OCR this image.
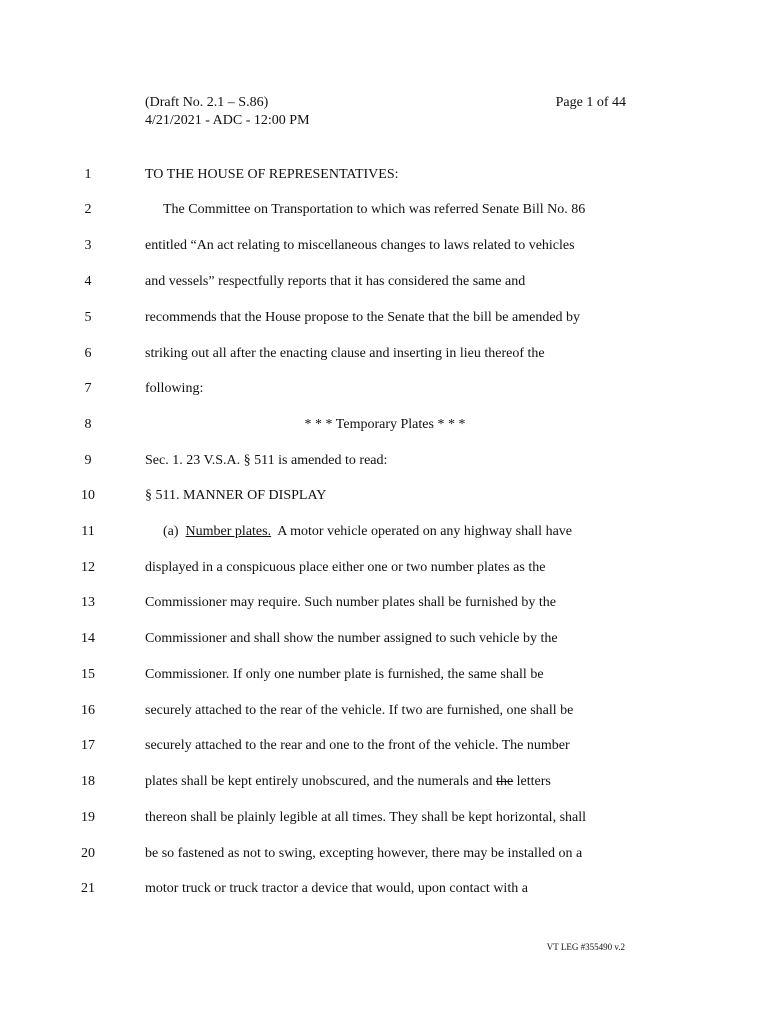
(Draft No. 2.1 – S.86)
4/21/2021 - ADC - 12:00 PM
Page 1 of 44
1	TO THE HOUSE OF REPRESENTATIVES:
2	The Committee on Transportation to which was referred Senate Bill No. 86
3	entitled “An act relating to miscellaneous changes to laws related to vehicles
4	and vessels” respectfully reports that it has considered the same and
5	recommends that the House propose to the Senate that the bill be amended by
6	striking out all after the enacting clause and inserting in lieu thereof the
7	following:
8	* * * Temporary Plates * * *
9	Sec. 1. 23 V.S.A. § 511 is amended to read:
10	§ 511. MANNER OF DISPLAY
11	(a)  Number plates.  A motor vehicle operated on any highway shall have
12	displayed in a conspicuous place either one or two number plates as the
13	Commissioner may require. Such number plates shall be furnished by the
14	Commissioner and shall show the number assigned to such vehicle by the
15	Commissioner. If only one number plate is furnished, the same shall be
16	securely attached to the rear of the vehicle. If two are furnished, one shall be
17	securely attached to the rear and one to the front of the vehicle. The number
18	plates shall be kept entirely unobscured, and the numerals and the letters
19	thereon shall be plainly legible at all times. They shall be kept horizontal, shall
20	be so fastened as not to swing, excepting however, there may be installed on a
21	motor truck or truck tractor a device that would, upon contact with a
VT LEG #355490 v.2
